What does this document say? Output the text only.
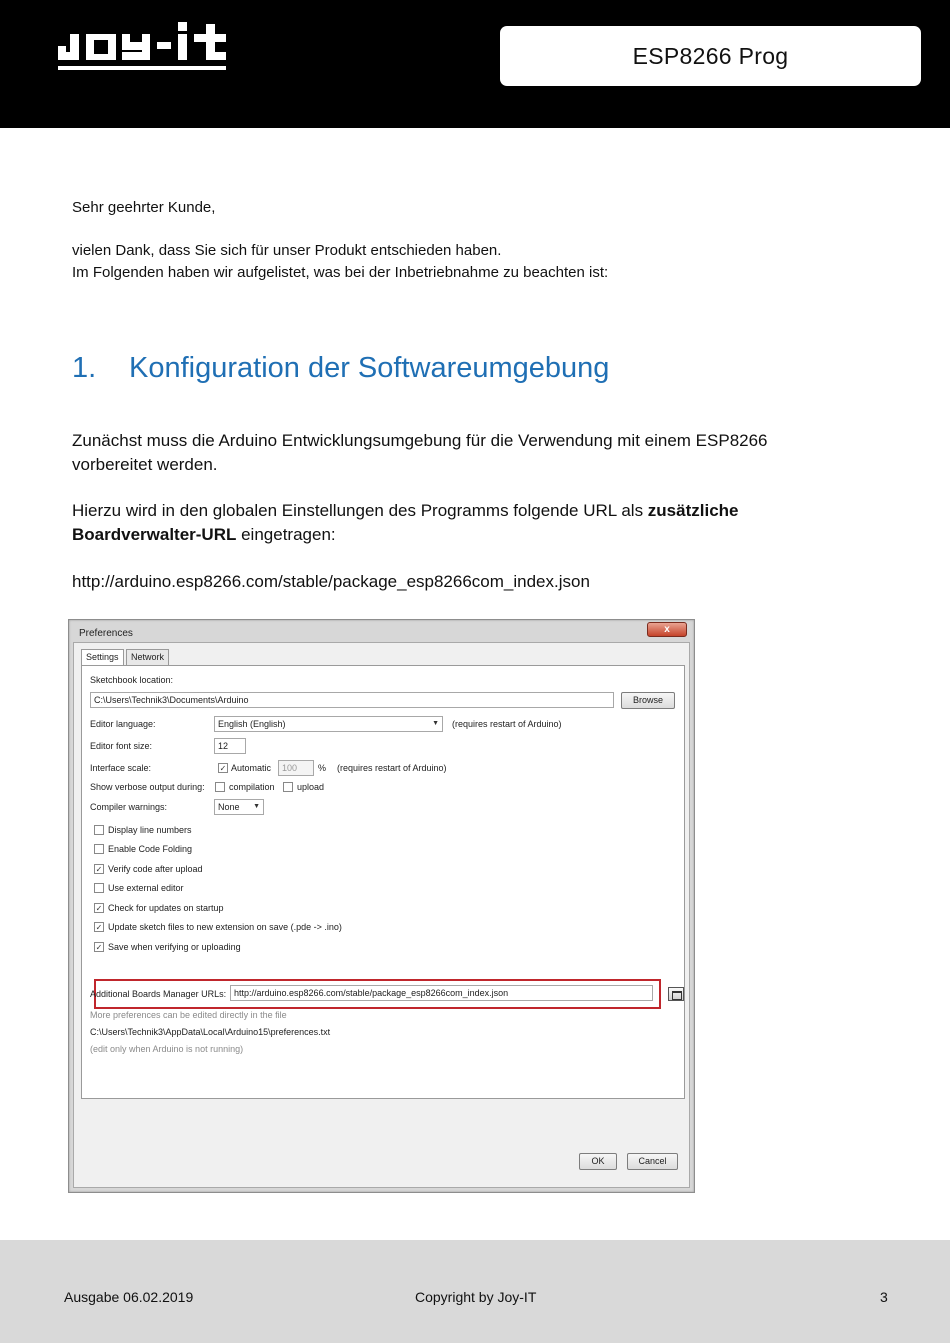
ESP8266 Prog
Sehr geehrter Kunde,
vielen Dank, dass Sie sich für unser Produkt entschieden haben.
Im Folgenden haben wir aufgelistet, was bei der Inbetriebnahme zu beachten ist:
1.	Konfiguration der Softwareumgebung
Zunächst muss die Arduino Entwicklungsumgebung für die Verwendung mit einem ESP8266
vorbereitet werden.
Hierzu wird in den globalen Einstellungen des Programms folgende URL als zusätzliche
Boardverwalter-URL eingetragen:
http://arduino.esp8266.com/stable/package_esp8266com_index.json
Preferences	x
Settings	Network
Sketchbook location:
C:\Users\Technik3\Documents\Arduino	Browse
Editor language:	English (English)	▼ (requires restart of Arduino)
Editor font size:	12
Interface scale:	✓ Automatic	100	% (requires restart of Arduino)
Show verbose output during:	compilation upload
Compiler warnings:	None ▼
Display line numbers
Enable Code Folding
✓ Verify code after upload
Use external editor
✓ Check for updates on startup
✓ Update sketch files to new extension on save (.pde -> .ino)
✓ Save when verifying or uploading
Additional Boards Manager URLs: http://arduino.esp8266.com/stable/package_esp8266com_index.json
More preferences can be edited directly in the file
C:\Users\Technik3\AppData\Local\Arduino15\preferences.txt
(edit only when Arduino is not running)
OK	Cancel
Ausgabe 06.02.2019	Copyright by Joy-IT	3
